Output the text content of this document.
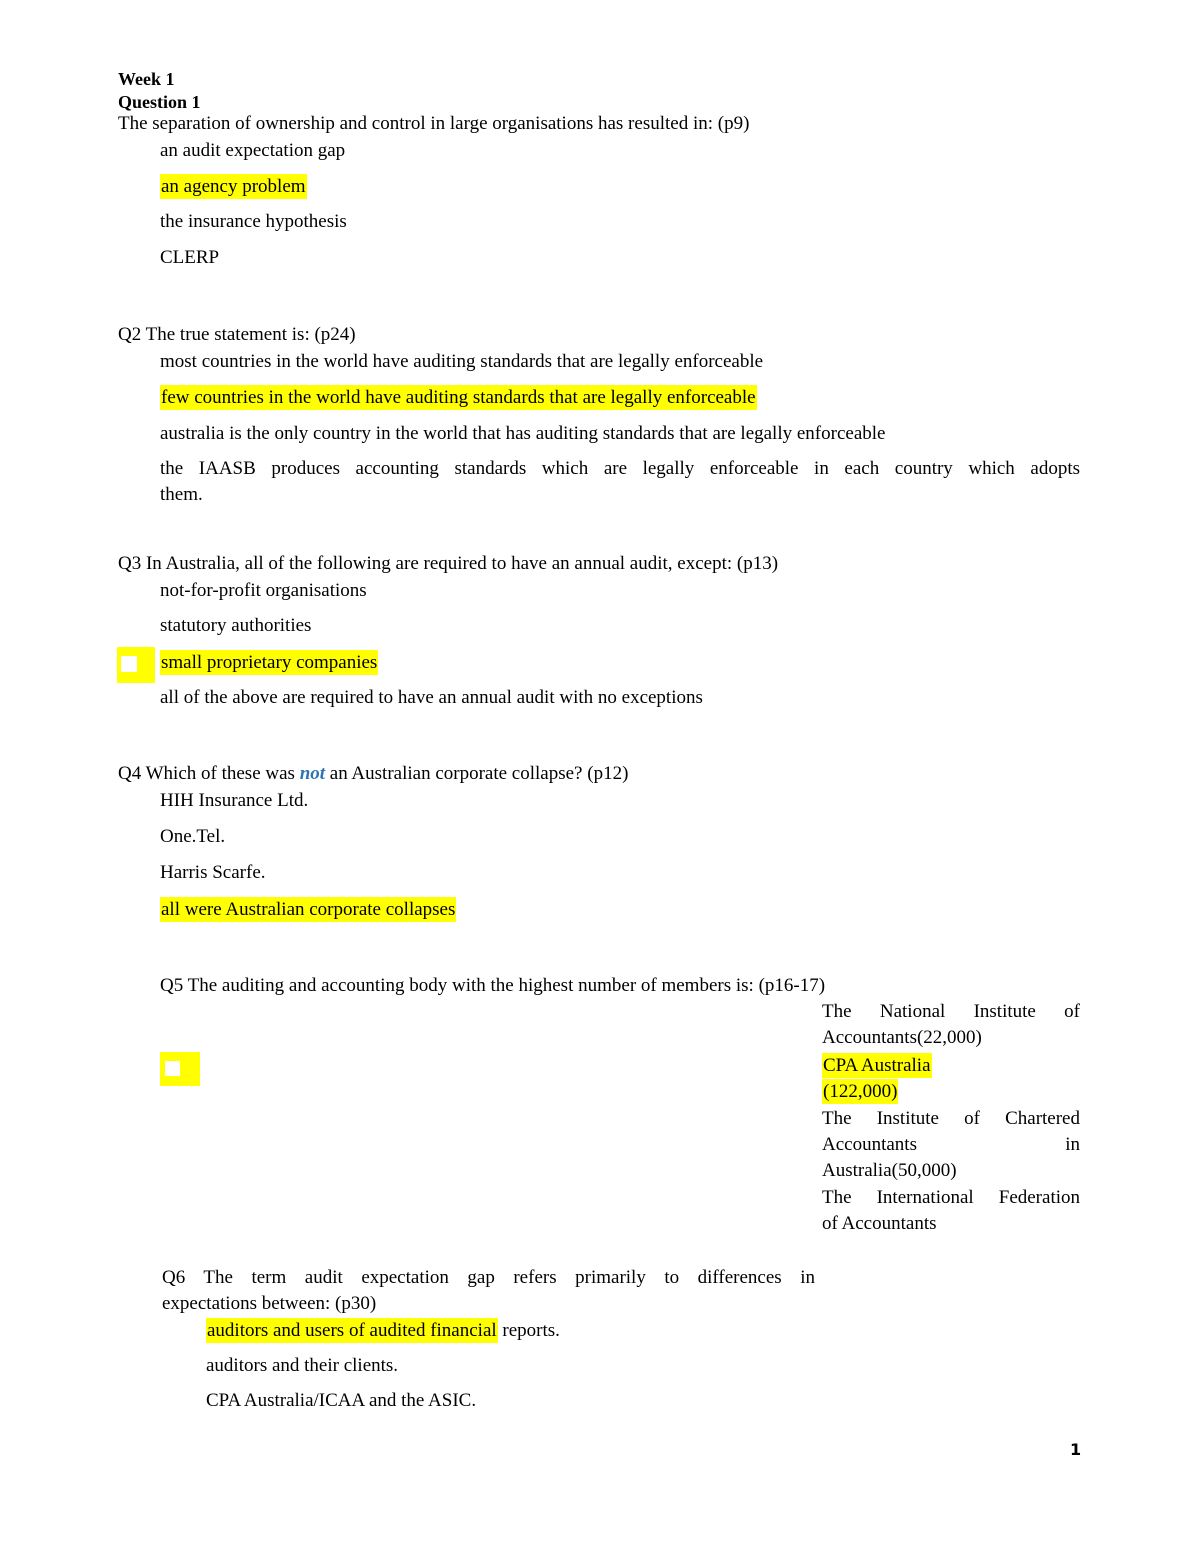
Week 1
Question 1
The separation of ownership and control in large organisations has resulted in: (p9)
an audit expectation gap
an agency problem
the insurance hypothesis
CLERP
Q2 The true statement is: (p24)
most countries in the world have auditing standards that are legally enforceable
few countries in the world have auditing standards that are legally enforceable
australia is the only country in the world that has auditing standards that are legally enforceable
the IAASB produces accounting standards which are legally enforceable in each country which adopts
them.
Q3 In Australia, all of the following are required to have an annual audit, except: (p13)
not-for-profit organisations
statutory authorities
small proprietary companies
all of the above are required to have an annual audit with no exceptions
Q4 Which of these was not an Australian corporate collapse? (p12)
HIH Insurance Ltd.
One.Tel.
Harris Scarfe.
all were Australian corporate collapses
Q5 The auditing and accounting body with the highest number of members is: (p16-17)
The National Institute of
Accountants(22,000)
CPA Australia
(122,000)
The Institute of Chartered
Accountants in
Australia(50,000)
The International Federation
of Accountants
Q6 The term audit expectation gap refers primarily to differences in
expectations between: (p30)
auditors and users of audited financial reports.
auditors and their clients.
CPA Australia/ICAA and the ASIC.
1
